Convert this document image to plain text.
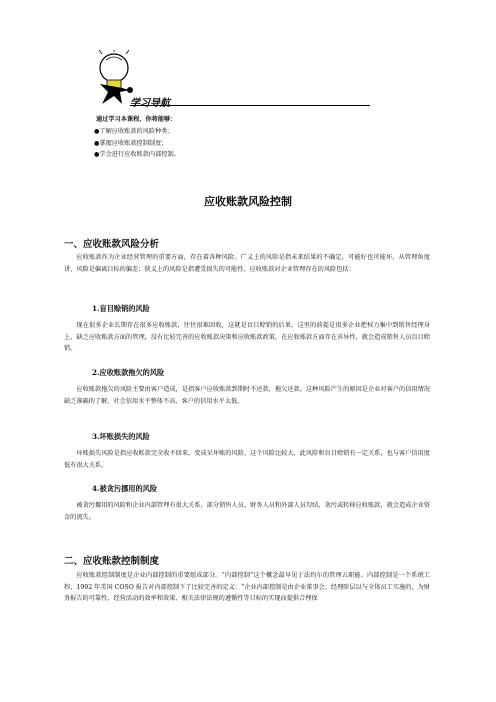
学习导航
通过学习本课程，你将能够：
●了解应收账款的风险种类；
●掌握应收账款控制制度；
●学会进行应收账款内部控制。
应收账款风险控制
一、应收账款风险分析
应收账款作为企业经营管理的重要方面，存在着各种风险。广义上的风险是指未来结果的不确定，可能好也可能坏，从管理角度讲，风险是偏离目标的偏差；狭义上的风险是指遭受损失的可能性。应收账款对企业管理存在的风险包括：
1.盲目赊销的风险
现在很多企业长期存在很多应收账款，往往很难回收，这就是盲目赊销的后果。这里的前提是很多企业把权力集中到销售经理身上，缺乏应收账款方面的管理，没有比较完善的应收账款决策和应收账款政策，在应收账款方面存在弃异性，就会造成销售人员盲目赊销。
2.应收账款拖欠的风险
应收账款拖欠的风险主要由客户造成，是指客户应收账款到期时不还款，拖欠还款。这种风险产生的原因是企业对客户的信用情况缺乏准确的了解、社会信用水平整体不高、客户的信用水平太低。
3.坏账损失的风险
坏账损失风险是指应收账款完全收不回来，变成呆坏账的风险。这个风险比较大，此风险和盲目赊销有一定关系，也与客户信用度低有很大关系。
4.被贪污挪用的风险
被贪污挪用的风险和企业内部管理有很大关系，部分销售人员、财务人员和外部人员勾结，贪污或转移应收账款，就会造成企业资金的流失。
二、应收账款控制制度
应收账款控制制度是企业内部控制的重要组成部分。“内部控制”这个概念最早见于法约尔的管理五职能。内部控制是一个系统工程，1992 年美国 COSO 报告对内部控制下了比较完善的定义：“企业内部控制是由企业董事会、经理阶层以与全体员工实施的，为财务报告的可靠性、经营活动的效率和效果、相关法律法规的遵循性等目标的实现而提供合理保
